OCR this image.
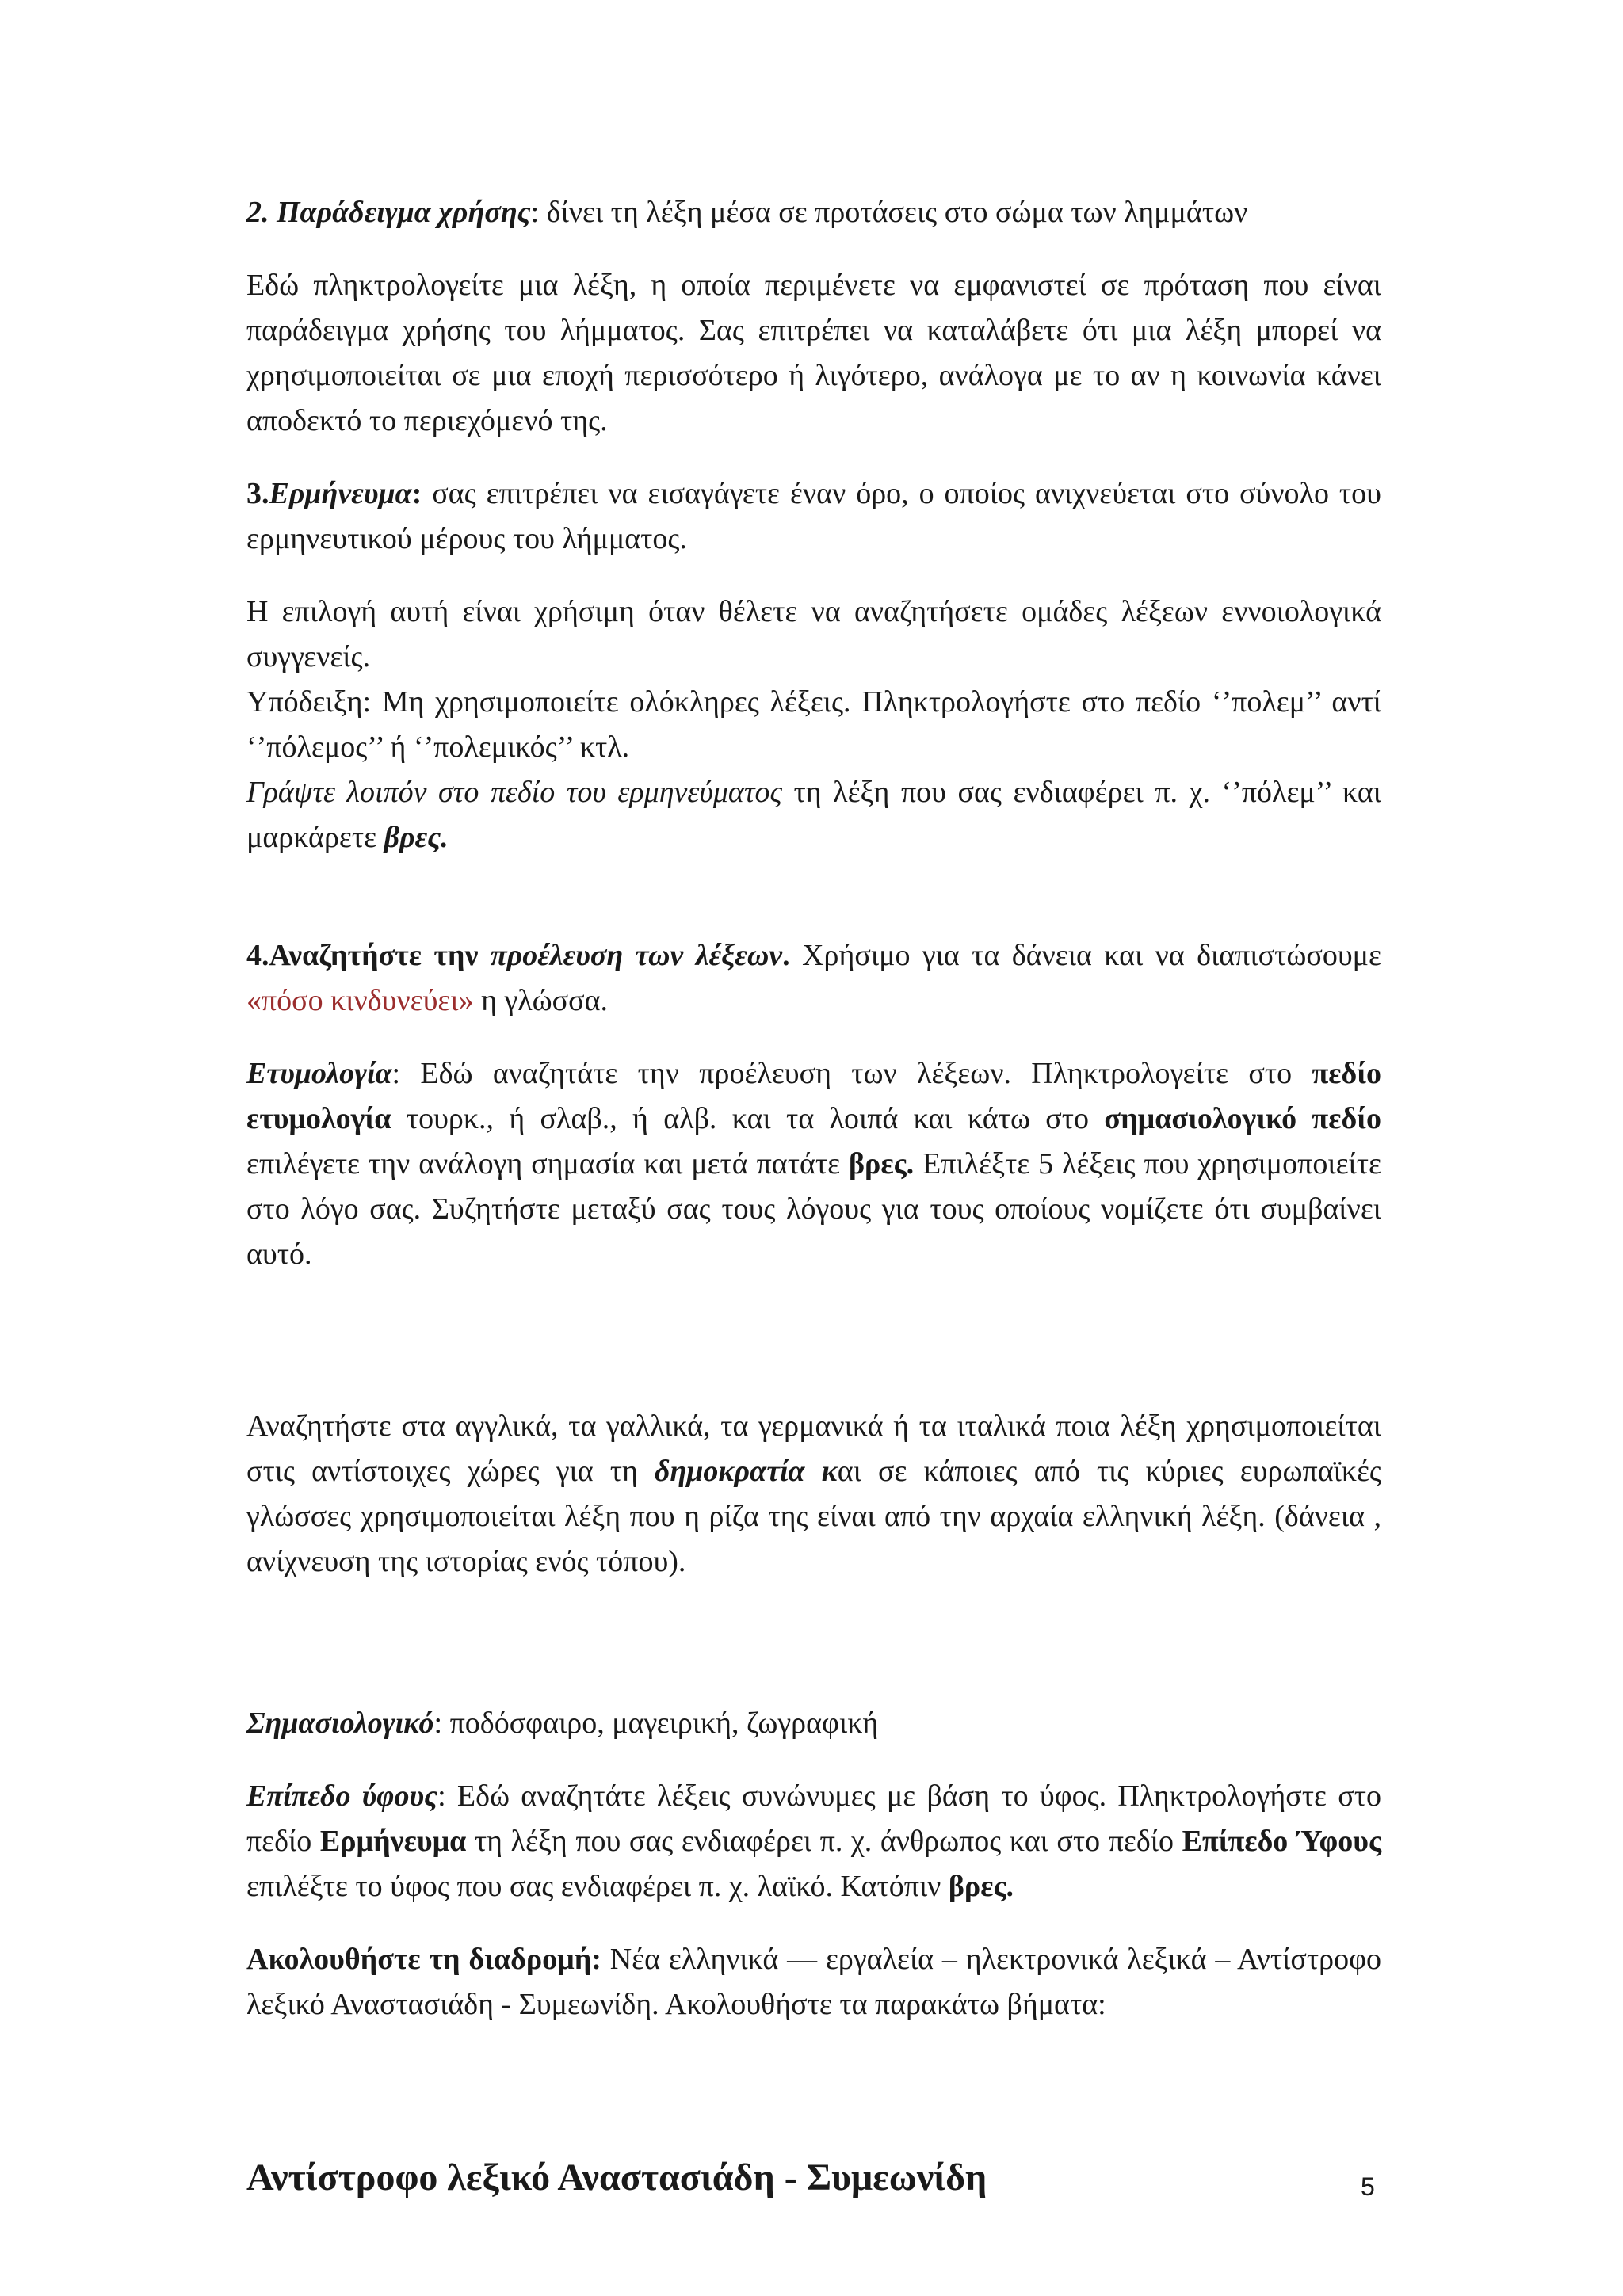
2. Παράδειγμα χρήσης: δίνει τη λέξη μέσα σε προτάσεις στο σώμα των λημμάτων

Εδώ πληκτρολογείτε μια λέξη, η οποία περιμένετε να εμφανιστεί σε πρόταση που είναι παράδειγμα χρήσης του λήμματος. Σας επιτρέπει να καταλάβετε ότι μια λέξη μπορεί να χρησιμοποιείται σε μια εποχή περισσότερο ή λιγότερο, ανάλογα με το αν η κοινωνία κάνει αποδεκτό το περιεχόμενό της.

3.Ερμήνευμα: σας επιτρέπει να εισαγάγετε έναν όρο, ο οποίος ανιχνεύεται στο σύνολο του ερμηνευτικού μέρους του λήμματος.

Η επιλογή αυτή είναι χρήσιμη όταν θέλετε να αναζητήσετε ομάδες λέξεων εννοιολογικά συγγενείς.

Υπόδειξη: Μη χρησιμοποιείτε ολόκληρες λέξεις. Πληκτρολογήστε στο πεδίο ‘’πολεμ’’ αντί ‘’πόλεμος’’ ή ‘’πολεμικός’’ κτλ.

Γράψτε λοιπόν στο πεδίο του ερμηνεύματος τη λέξη που σας ενδιαφέρει π. χ. ‘’πόλεμ’’ και μαρκάρετε βρες.

4.Αναζητήστε την προέλευση των λέξεων. Χρήσιμο για τα δάνεια και να διαπιστώσουμε «πόσο κινδυνεύει» η γλώσσα.

Ετυμολογία: Εδώ αναζητάτε την προέλευση των λέξεων. Πληκτρολογείτε στο πεδίο ετυμολογία τουρκ., ή σλαβ., ή αλβ. και τα λοιπά και κάτω στο σημασιολογικό πεδίο επιλέγετε την ανάλογη σημασία και μετά πατάτε βρες. Επιλέξτε 5 λέξεις που χρησιμοποιείτε στο λόγο σας. Συζητήστε μεταξύ σας τους λόγους για τους οποίους νομίζετε ότι συμβαίνει αυτό.

Αναζητήστε στα αγγλικά, τα γαλλικά, τα γερμανικά ή τα ιταλικά ποια λέξη χρησιμοποιείται στις αντίστοιχες χώρες για τη δημοκρατία και σε κάποιες από τις κύριες ευρωπαϊκές γλώσσες χρησιμοποιείται λέξη που η ρίζα της είναι από την αρχαία ελληνική λέξη. (δάνεια , ανίχνευση της ιστορίας ενός τόπου).

Σημασιολογικό: ποδόσφαιρο, μαγειρική, ζωγραφική

Επίπεδο ύφους: Εδώ αναζητάτε λέξεις συνώνυμες με βάση το ύφος. Πληκτρολογήστε στο πεδίο Ερμήνευμα τη λέξη που σας ενδιαφέρει π. χ. άνθρωπος και στο πεδίο Επίπεδο Ύφους επιλέξτε το ύφος που σας ενδιαφέρει π. χ. λαϊκό. Κατόπιν βρες.

Ακολουθήστε τη διαδρομή: Νέα ελληνικά — εργαλεία – ηλεκτρονικά λεξικά – Αντίστροφο λεξικό Αναστασιάδη - Συμεωνίδη. Ακολουθήστε τα παρακάτω βήματα:

Αντίστροφο λεξικό Αναστασιάδη - Συμεωνίδη	5
